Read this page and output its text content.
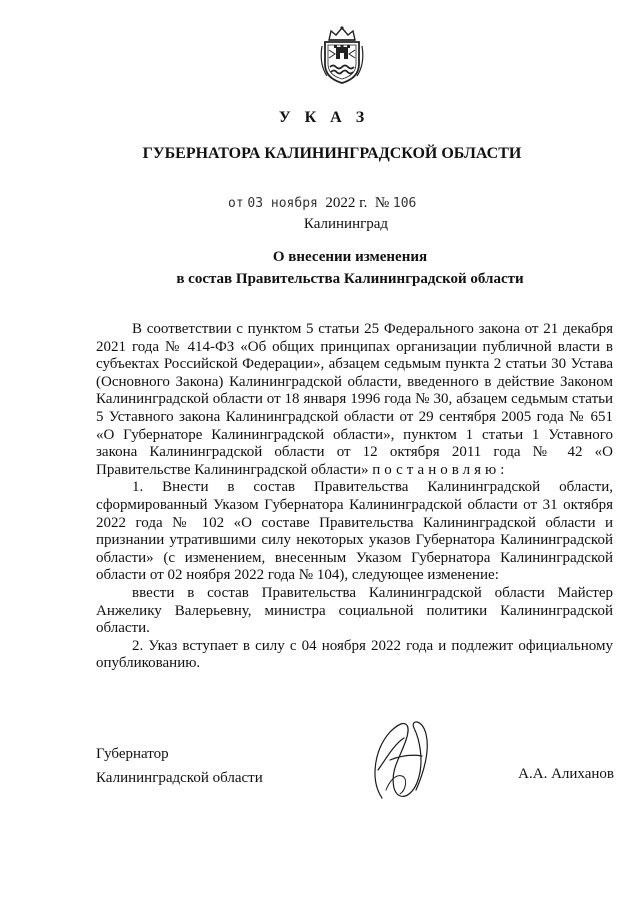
У К А З
ГУБЕРНАТОРА КАЛИНИНГРАДСКОЙ ОБЛАСТИ
от 03 ноября 2022 г. № 106
Калининград
О внесении изменения
в состав Правительства Калининградской области

В соответствии с пунктом 5 статьи 25 Федерального закона от 21 декабря 2021 года № 414-ФЗ «Об общих принципах организации публичной власти в субъектах Российской Федерации», абзацем седьмым пункта 2 статьи 30 Устава (Основного Закона) Калининградской области, введенного в действие Законом Калининградской области от 18 января 1996 года № 30, абзацем седьмым статьи 5 Уставного закона Калининградской области от 29 сентября 2005 года № 651 «О Губернаторе Калининградской области», пунктом 1 статьи 1 Уставного закона Калининградской области от 12 октября 2011 года № 42 «О Правительстве Калининградской области» постановляю:

1. Внести в состав Правительства Калининградской области, сформированный Указом Губернатора Калининградской области от 31 октября 2022 года № 102 «О составе Правительства Калининградской области и признании утратившими силу некоторых указов Губернатора Калининградской области» (с изменением, внесенным Указом Губернатора Калининградской области от 02 ноября 2022 года № 104), следующее изменение:

ввести в состав Правительства Калининградской области Майстер Анжелику Валерьевну, министра социальной политики Калининградской области.

2. Указ вступает в силу с 04 ноября 2022 года и подлежит официальному опубликованию.

Губернатор
Калининградской области	А.А. Алиханов
